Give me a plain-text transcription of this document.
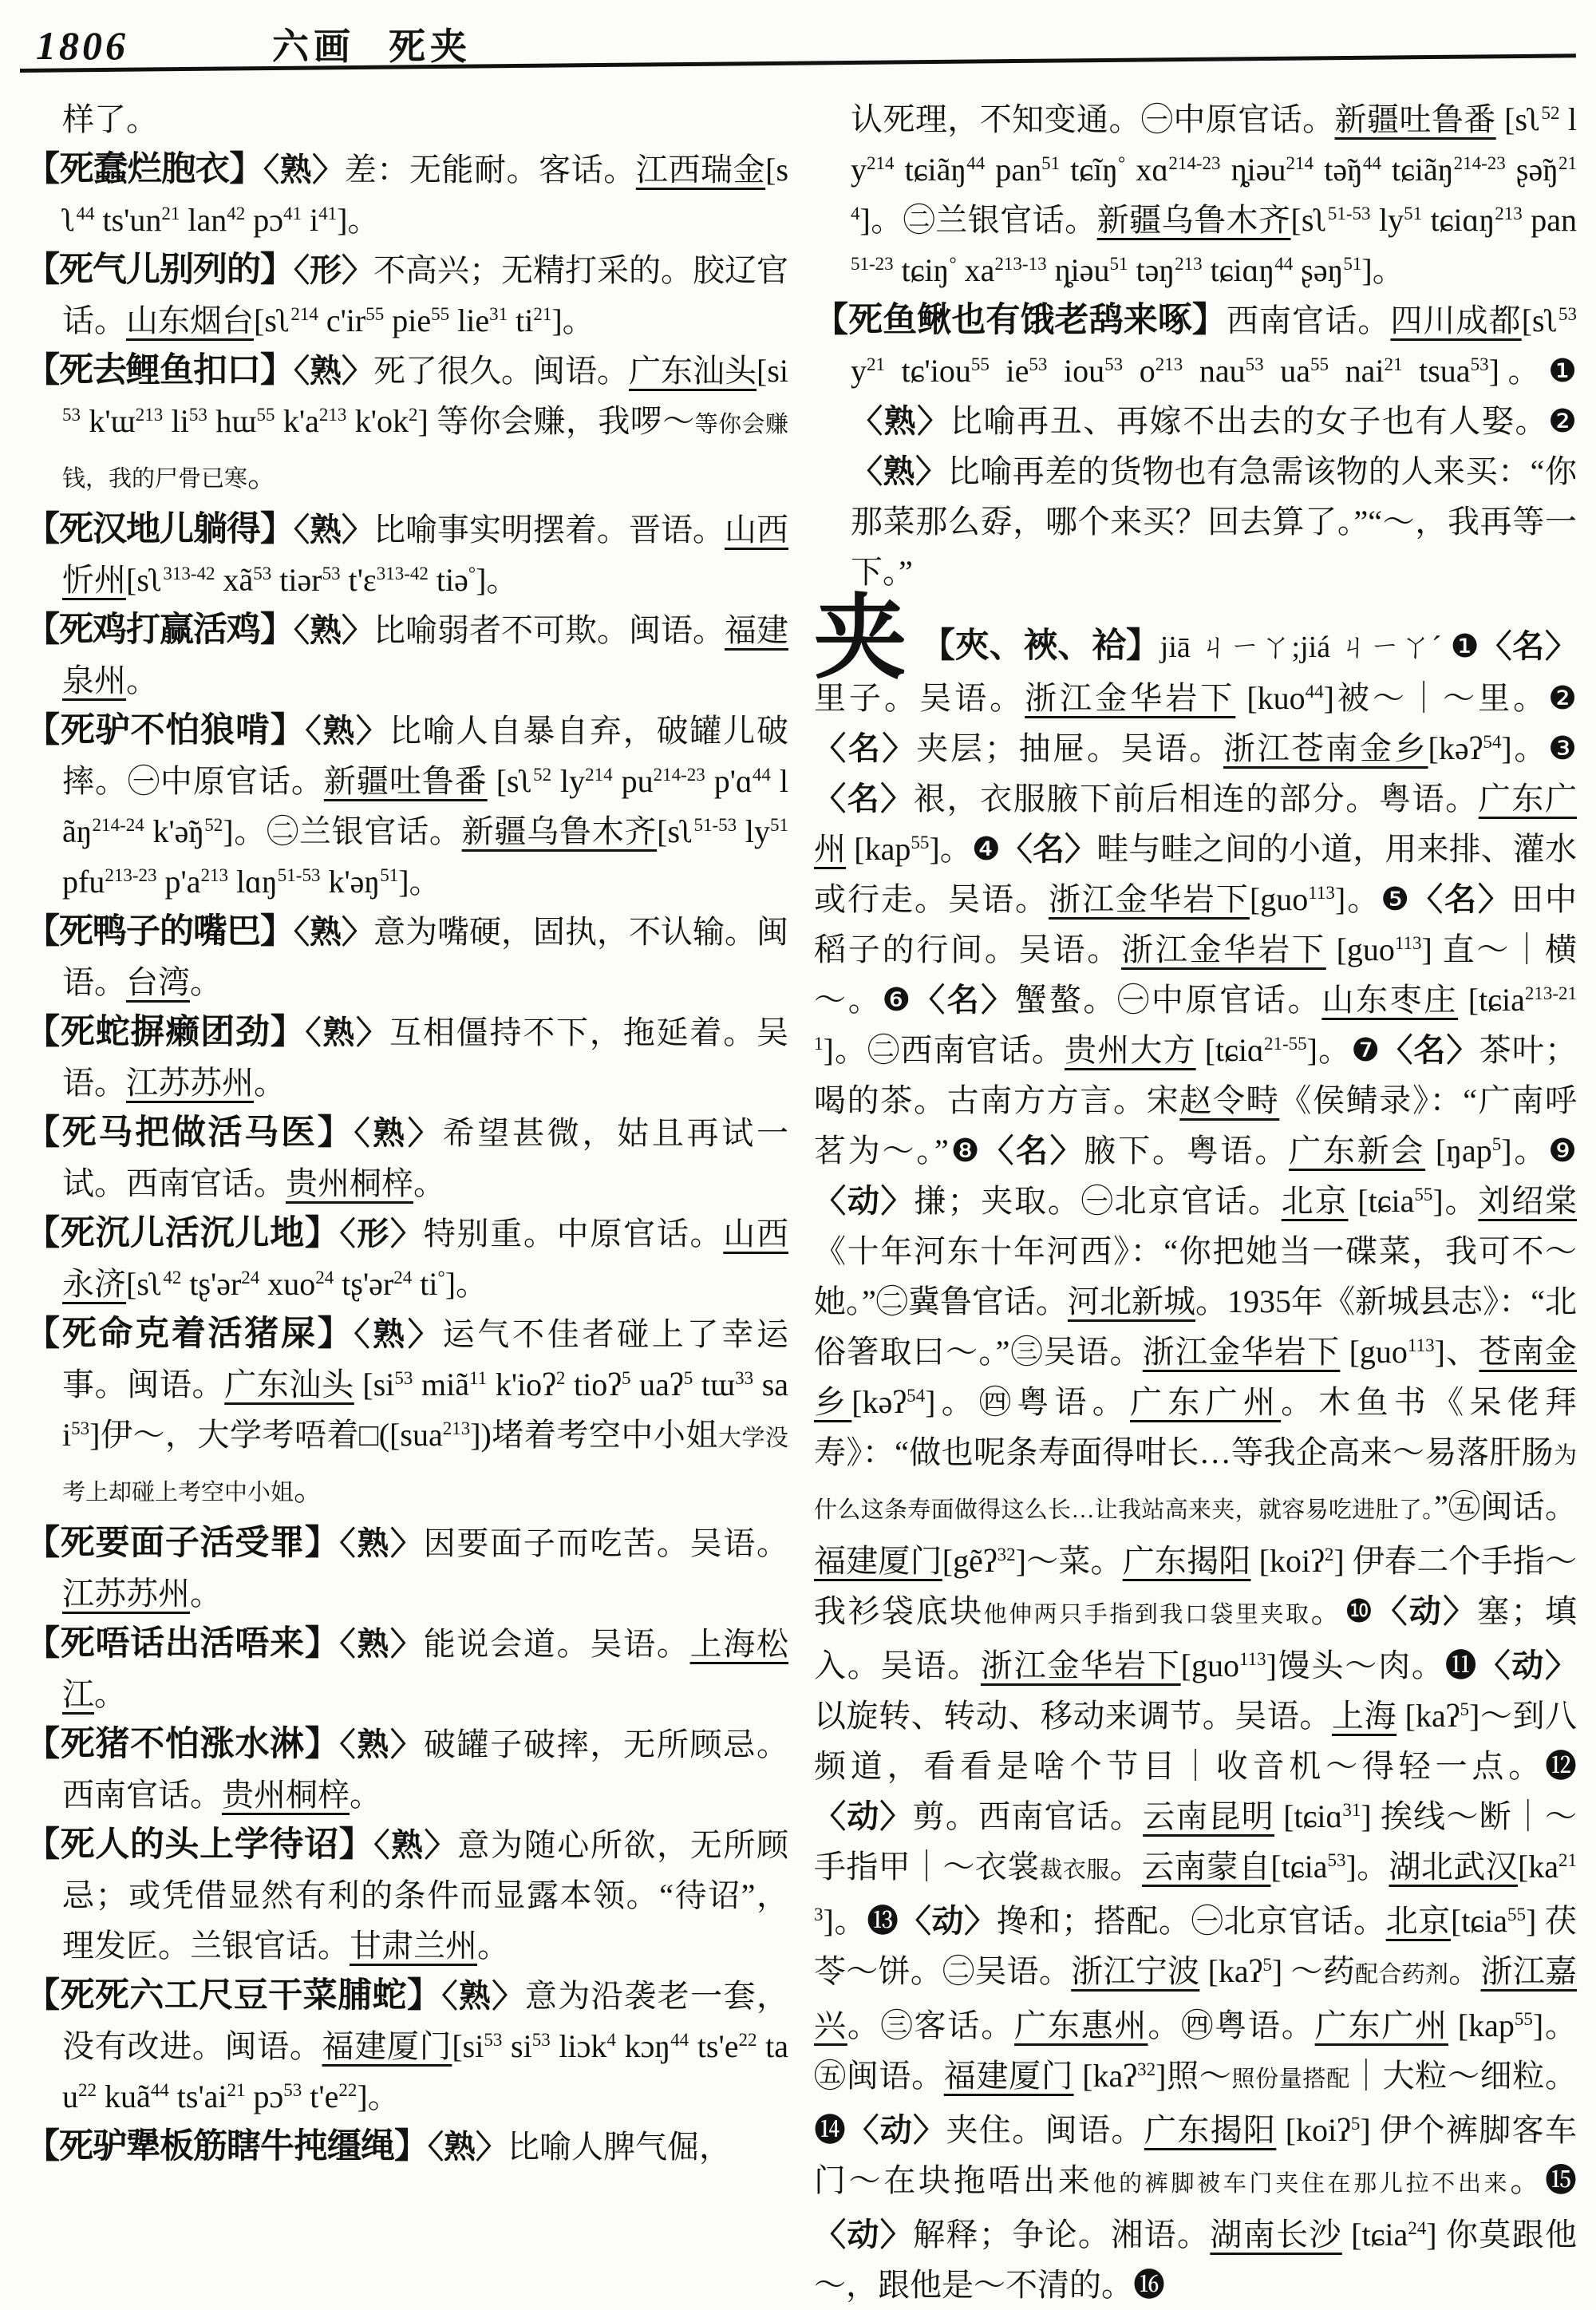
1806	六画 死夹

样了。

【死蠢烂胞衣】〈熟〉差：无能耐。客话。江西瑞金[sʅ$^{44}$ $ts'un^{21}$ lan$^{42}$ pɔ$^{41}$ $i^{41}$]。

【死气儿别列的】〈形〉不高兴；无精打采的。胶辽官话。山东烟台[sʅ$^{214}$ $c'ir^{55}$ pie$^{55}$ lie$^{31}$ $ti^{21}$]。

【死去鲤鱼扣口】〈熟〉死了很久。闽语。广东汕头[$si^{53}$ k'ɯ$^{213}$ $li^{53}$ hɯ$^{55}$ $k'a^{213}$ $k'ok^2$] 等你会赚，我啰～等你会赚钱，我的尸骨已寒。

【死汉地儿躺得】〈熟〉比喻事实明摆着。晋语。山西忻州[sʅ$^{313-42}$ $xã^{53}$ tiər$^{53}$ t'ɛ$^{313-42}$ tiə°]。

【死鸡打赢活鸡】〈熟〉比喻弱者不可欺。闽语。福建泉州。

【死驴不怕狼啃】〈熟〉比喻人自暴自弃，破罐儿破摔。㊀中原官话。新疆吐鲁番 [sʅ$^{52}$ $ly^{214}$ $pu^{214-23}$ p'ɑ$^{44}$ lãŋ$^{214-24}$ $k'ə̃ŋ^{52}$]。㊁兰银官话。新疆乌鲁木齐[sʅ$^{51-53}$ $ly^{51}$ pfu$^{213-23}$ $p'a^{213}$ lɑŋ$^{51-53}$ k'əŋ$^{51}$]。

【死鸭子的嘴巴】〈熟〉意为嘴硬，固执，不认输。闽语。台湾。

【死蛇摒癞团劲】〈熟〉互相僵持不下，拖延着。吴语。江苏苏州。

【死马把做活马医】〈熟〉希望甚微，姑且再试一试。西南官话。贵州桐梓。

【死沉儿活沉儿地】〈形〉特别重。中原官话。山西永济[sʅ$^{42}$ tʂ'ər$^{24}$ xuo$^{24}$ tʂ'ər$^{24}$ ti°]。

【死命克着活猪屎】〈熟〉运气不佳者碰上了幸运事。闽语。广东汕头 [$si^{53}$ miã$^{11}$ k'ioʔ$^2$ tioʔ$^5$ uaʔ$^5$ tɯ$^{33}$ sai$^{53}$]伊～，大学考唔着□([sua$^{213}$])堵着考空中小姐大学没考上却碰上考空中小姐。

【死要面子活受罪】〈熟〉因要面子而吃苦。吴语。江苏苏州。

【死唔话出活唔来】〈熟〉能说会道。吴语。上海松江。

【死猪不怕涨水淋】〈熟〉破罐子破摔，无所顾忌。西南官话。贵州桐梓。

【死人的头上学待诏】〈熟〉意为随心所欲，无所顾忌；或凭借显然有利的条件而显露本领。“待诏”，理发匠。兰银官话。甘肃兰州。

【死死六工尺豆干菜脯蛇】〈熟〉意为沿袭老一套，没有改进。闽语。福建厦门[$si^{53}$ $si^{53}$ liɔk$^4$ kɔŋ$^{44}$ $ts'e^{22}$ tau$^{22}$ kuã$^{44}$ $ts'ai^{21}$ pɔ$^{53}$ $t'e^{22}$]。

【死驴犟板筋瞎牛扽缰绳】〈熟〉比喻人脾气倔，

认死理，不知变通。㊀中原官话。新疆吐鲁番 [sʅ$^{52}$ $ly^{214}$ tɕiãŋ$^{44}$ pan$^{51}$ tɕĩŋ° xɑ$^{214-23}$ ȵiəu$^{214}$ $tə̃ŋ^{44}$ tɕiãŋ$^{214-23}$ $ʂə̃ŋ^{214}$]。㊁兰银官话。新疆乌鲁木齐[sʅ$^{51-53}$ $ly^{51}$ tɕiɑŋ$^{213}$ pan$^{51-23}$ tɕiŋ° $xa^{213-13}$ ȵiəu$^{51}$ təŋ$^{213}$ tɕiɑŋ$^{44}$ ʂəŋ$^{51}$]。

【死鱼鳅也有饿老鸹来啄】西南官话。四川成都[sʅ$^{53}$ $y^{21}$ tɕ'iou$^{55}$ $ie^{53}$ iou$^{53}$ $o^{213}$ nau$^{53}$ $ua^{55}$ nai$^{21}$ tsua$^{53}$]。❶〈熟〉比喻再丑、再嫁不出去的女子也有人娶。❷〈熟〉比喻再差的货物也有急需该物的人来买：“你那菜那么孬，哪个来买？回去算了。”“～，我再等一下。”

夹 【夾、裌、袷】jiā ㄐㄧㄚ;jiá ㄐㄧㄚˊ ❶〈名〉里子。吴语。浙江金华岩下 [kuo$^{44}$]被～｜～里。❷〈名〉夹层；抽屉。吴语。浙江苍南金乡[kəʔ$^{54}$]。❸〈名〉裉，衣服腋下前后相连的部分。粤语。广东广州 [kap$^{55}$]。❹〈名〉畦与畦之间的小道，用来排、灌水或行走。吴语。浙江金华岩下[guo$^{113}$]。❺〈名〉田中稻子的行间。吴语。浙江金华岩下 [guo$^{113}$] 直～｜横～。❻〈名〉蟹螯。㊀中原官话。山东枣庄 [tɕia$^{213-211}$]。㊁西南官话。贵州大方 [tɕiɑ$^{21-55}$]。❼〈名〉茶叶；喝的茶。古南方方言。宋赵令畤《侯鲭录》：“广南呼茗为～。”❽〈名〉腋下。粤语。广东新会 [ŋap$^5$]。❾〈动〉搛；夹取。㊀北京官话。北京 [tɕia$^{55}$]。刘绍棠《十年河东十年河西》：“你把她当一碟菜，我可不～她。”㊁冀鲁官话。河北新城。1935年《新城县志》：“北俗箸取曰～。”㊂吴语。浙江金华岩下 [guo$^{113}$]、苍南金乡[kəʔ$^{54}$]。㊃粤语。广东广州。木鱼书《呆佬拜寿》：“做也呢条寿面得咁长…等我企高来～易落肝肠为什么这条寿面做得这么长…让我站高来夹，就容易吃进肚了。”㊄闽话。福建厦门[gẽʔ$^{32}$]～菜。广东揭阳 [koiʔ$^2$] 伊春二个手指～我衫袋底块他伸两只手指到我口袋里夹取。❿〈动〉塞；填入。吴语。浙江金华岩下[guo$^{113}$]馒头～肉。⓫〈动〉以旋转、转动、移动来调节。吴语。上海 [kaʔ$^5$]～到八频道，看看是啥个节目｜收音机～得轻一点。⓬〈动〉剪。西南官话。云南昆明 [tɕiɑ$^{31}$] 挨线～断｜～手指甲｜～衣裳裁衣服。云南蒙自[tɕia$^{53}$]。湖北武汉$[ka^{213}]$。⓭〈动〉搀和；搭配。㊀北京官话。北京[tɕia$^{55}$] 茯苓～饼。㊁吴语。浙江宁波 [kaʔ$^5$] ～药配合药剂。浙江嘉兴。㊂客话。广东惠州。㊃粤语。广东广州 [kap$^{55}$]。㊄闽语。福建厦门 [kaʔ$^{32}$]照～照份量搭配｜大粒～细粒。⓮〈动〉夹住。闽语。广东揭阳 [koiʔ$^5$] 伊个裤脚客车门～在块拖唔出来他的裤脚被车门夹住在那儿拉不出来。⓯〈动〉解释；争论。湘语。湖南长沙 [tɕia$^{24}$] 你莫跟他～，跟他是～不清的。⓰
